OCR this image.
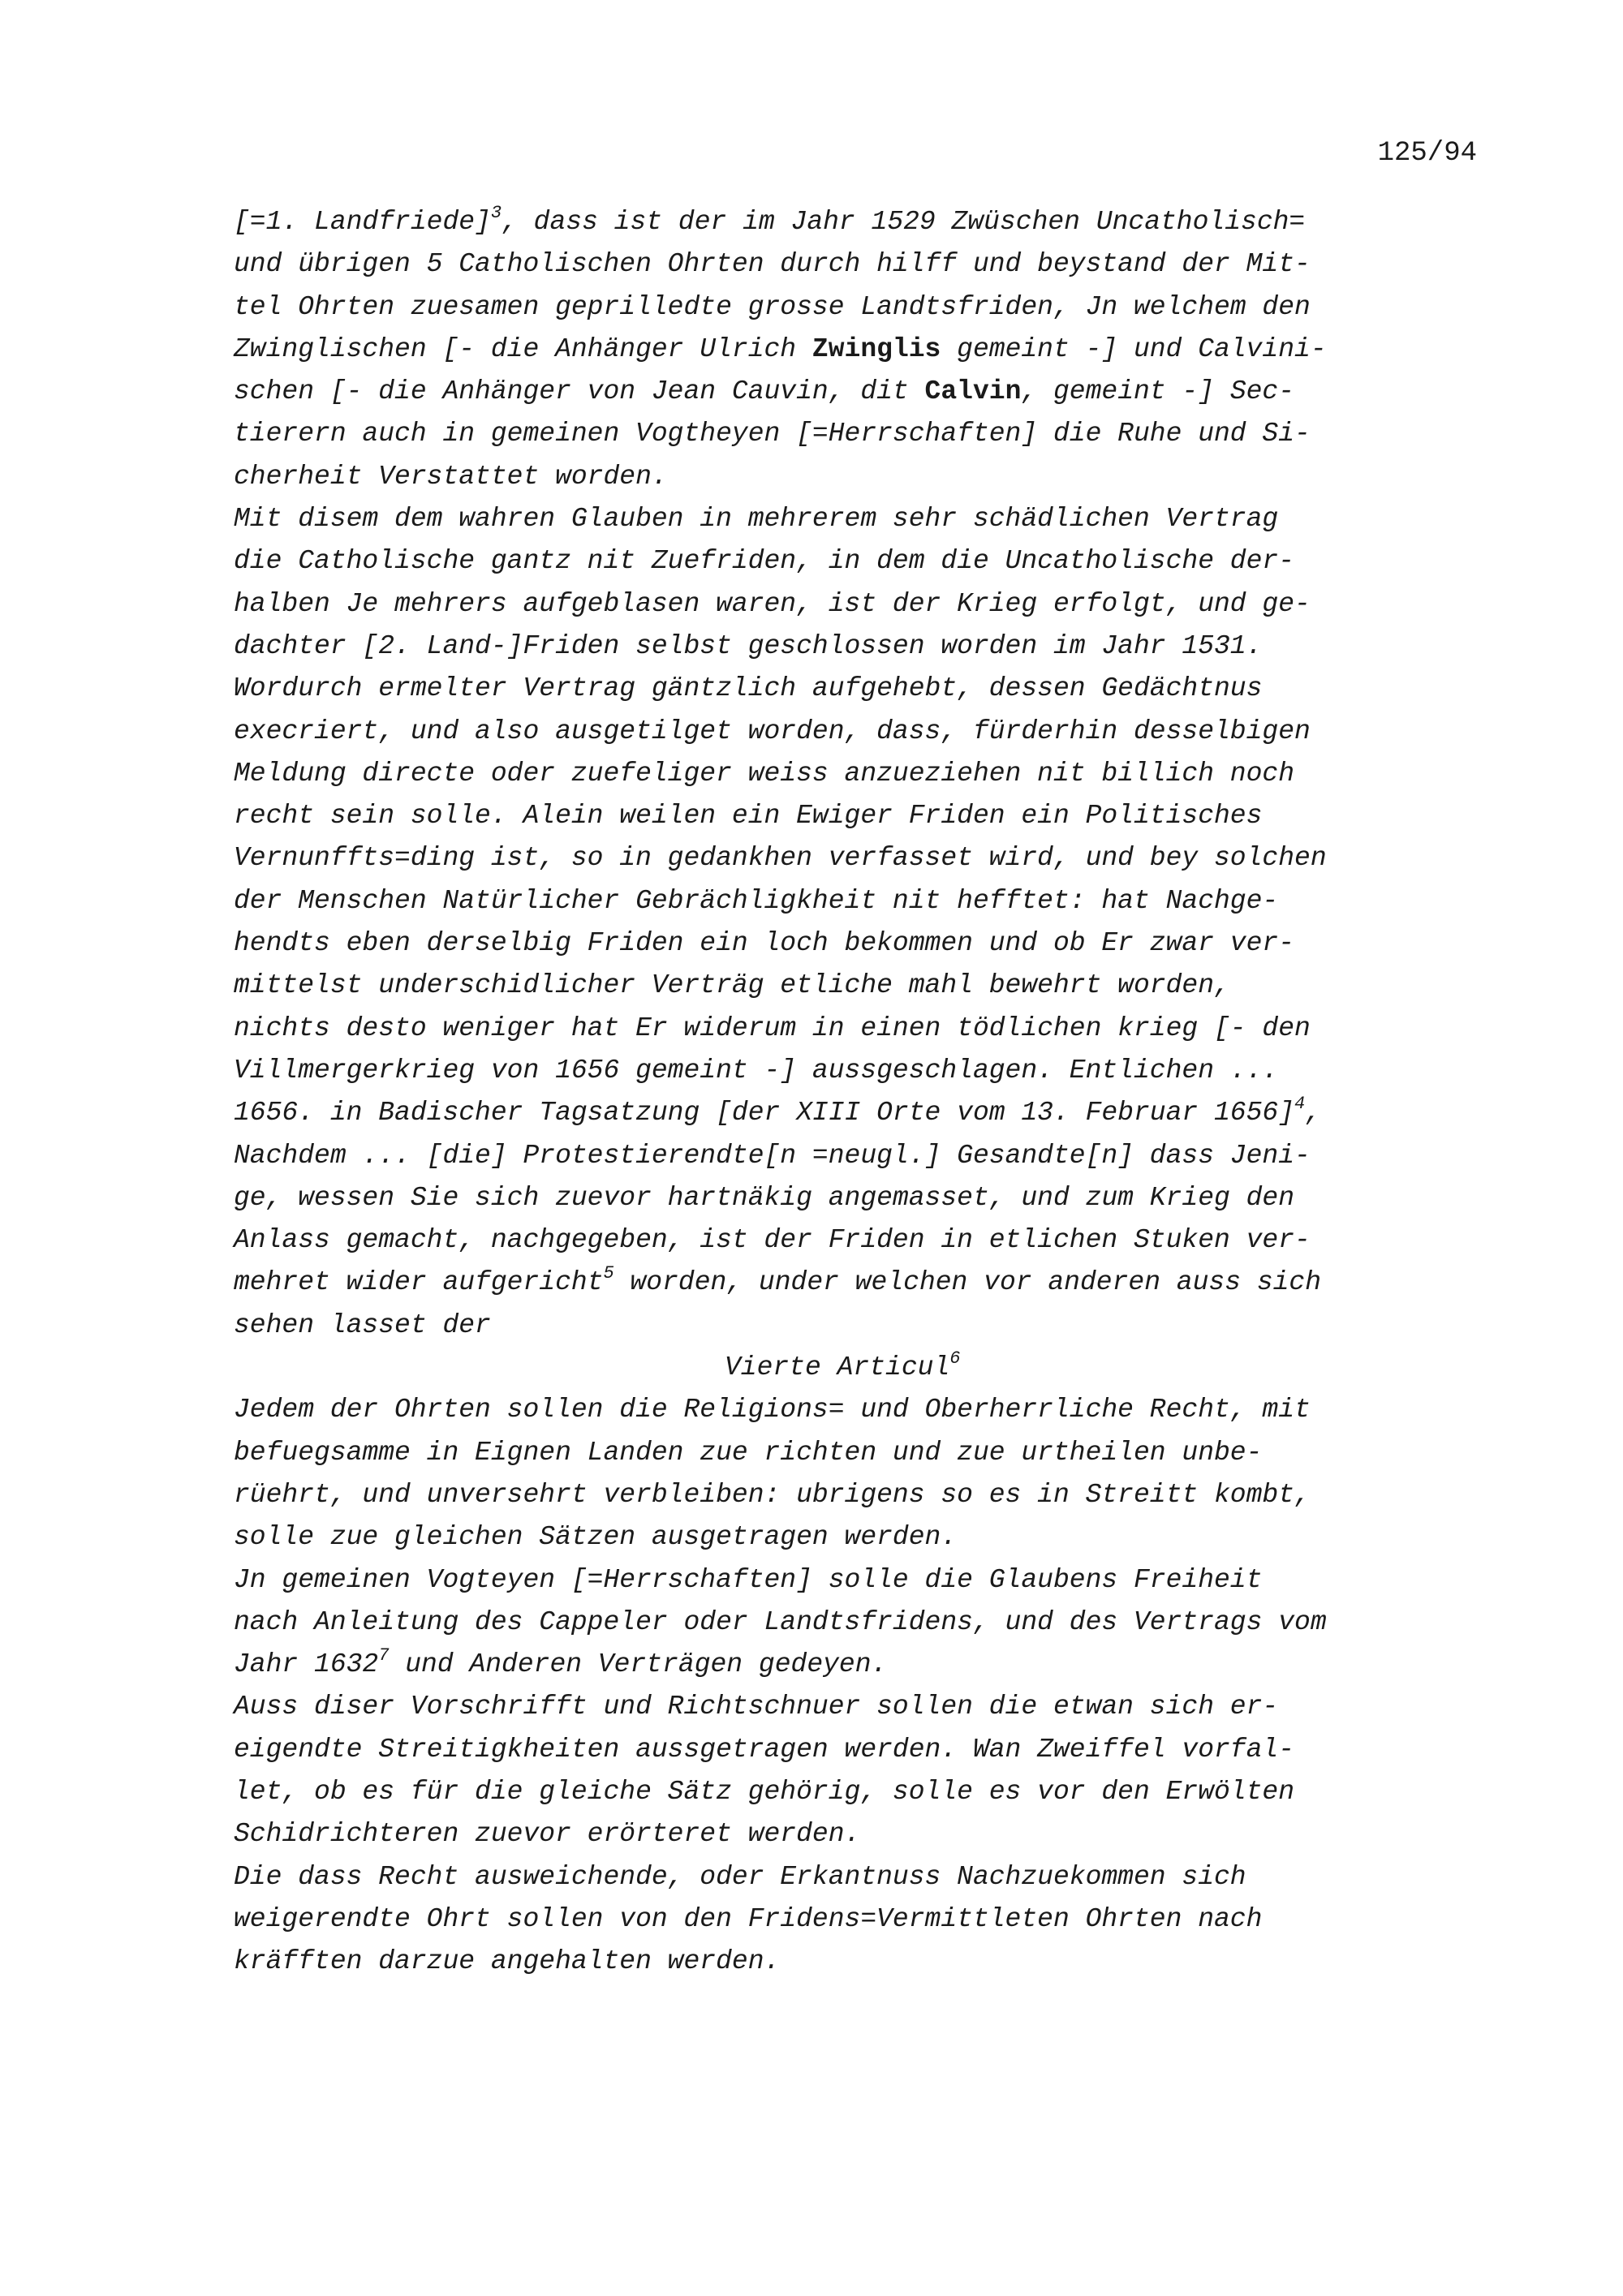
125/94
[=1. Landfriede]$^3$, dass ist der im Jahr 1529 Zwüschen Uncatholisch=
und übrigen 5 Catholischen Ohrten durch hilff und beystand der Mit-
tel Ohrten zuesamen geprilledte grosse Landtsfriden, Jn welchem den
Zwinglischen [- die Anhänger Ulrich Zwinglis gemeint -] und Calvini-
schen [- die Anhänger von Jean Cauvin, dit Calvin, gemeint -] Sec-
tierern auch in gemeinen Vogtheyen [=Herrschaften] die Ruhe und Si-
cherheit Verstattet worden.
Mit disem dem wahren Glauben in mehrerem sehr schädlichen Vertrag
die Catholische gantz nit Zuefriden, in dem die Uncatholische der-
halben Je mehrers aufgeblasen waren, ist der Krieg erfolgt, und ge-
dachter [2. Land-]Friden selbst geschlossen worden im Jahr 1531.
Wordurch ermelter Vertrag gäntzlich aufgehebt, dessen Gedächtnus
execriert, und also ausgetilget worden, dass, fürderhin desselbigen
Meldung directe oder zuefeliger weiss anzueziehen nit billich noch
recht sein solle. Alein weilen ein Ewiger Friden ein Politisches
Vernunffts=ding ist, so in gedankhen verfasset wird, und bey solchen
der Menschen Natürlicher Gebrächligkheit nit hefftet: hat Nachge-
hendts eben derselbig Friden ein loch bekommen und ob Er zwar ver-
mittelst underschidlicher Verträg etliche mahl bewehrt worden,
nichts desto weniger hat Er widerum in einen tödlichen krieg [- den
Villmergerkrieg von 1656 gemeint -] aussgeschlagen. Entlichen ...
1656. in Badischer Tagsatzung [der XIII Orte vom 13. Februar 1656]$^4$,
Nachdem ... [die] Protestierendte[n =neugl.] Gesandte[n] dass Jeni-
ge, wessen Sie sich zuevor hartnäkig angemasset, und zum Krieg den
Anlass gemacht, nachgegeben, ist der Friden in etlichen Stuken ver-
mehret wider aufgericht$^5$ worden, under welchen vor anderen auss sich
sehen lasset der
Vierte Articul$^6$
Jedem der Ohrten sollen die Religions= und Oberherrliche Recht, mit
befuegsamme in Eignen Landen zue richten und zue urtheilen unbe-
rüehrt, und unversehrt verbleiben: ubrigens so es in Streitt kombt,
solle zue gleichen Sätzen ausgetragen werden.
Jn gemeinen Vogteyen [=Herrschaften] solle die Glaubens Freiheit
nach Anleitung des Cappeler oder Landtsfridens, und des Vertrags vom
Jahr 1632$^7$ und Anderen Verträgen gedeyen.
Auss diser Vorschrifft und Richtschnuer sollen die etwan sich er-
eigendte Streitigkheiten aussgetragen werden. Wan Zweiffel vorfal-
let, ob es für die gleiche Sätz gehörig, solle es vor den Erwölten
Schidrichteren zuevor erörteret werden.
Die dass Recht ausweichende, oder Erkantnuss Nachzuekommen sich
weigerendte Ohrt sollen von den Fridens=Vermittleten Ohrten nach
kräfften darzue angehalten werden.
